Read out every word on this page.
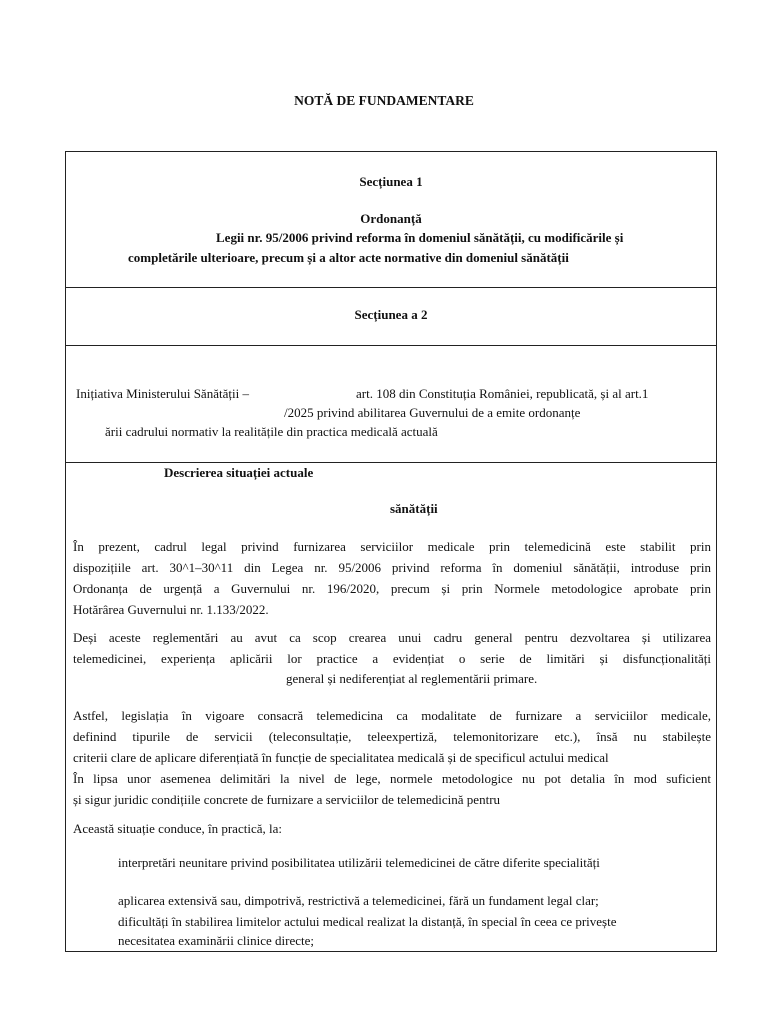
NOTĂ DE FUNDAMENTARE
Secțiunea 1
Ordonanță
Legii nr. 95/2006 privind reforma în domeniul sănătății, cu modificările și
completările ulterioare, precum și a altor acte normative din domeniul sănătății
Secțiunea a 2
Inițiativa Ministerului Sănătății –	art. 108 din Constituția României, republicată, și al art.1
/2025 privind abilitarea Guvernului de a emite ordonanțe
ării cadrului normativ la realitățile din practica medicală actuală
Descrierea situației actuale
sănătății
În prezent, cadrul legal privind furnizarea serviciilor medicale prin telemedicină este stabilit prin
dispozițiile art. 30^1–30^11 din Legea nr. 95/2006 privind reforma în domeniul sănătății, introduse prin
Ordonanța de urgență a Guvernului nr. 196/2020, precum și prin Normele metodologice aprobate prin
Hotărârea Guvernului nr. 1.133/2022.
Deși aceste reglementări au avut ca scop crearea unui cadru general pentru dezvoltarea și utilizarea
telemedicinei, experiența aplicării lor practice a evidențiat o serie de limitări și disfuncționalități
general și nediferențiat al reglementării primare.
Astfel, legislația în vigoare consacră telemedicina ca modalitate de furnizare a serviciilor medicale,
definind tipurile de servicii (teleconsultație, teleexpertiză, telemonitorizare etc.), însă nu stabilește
criterii clare de aplicare diferențiată în funcție de specialitatea medicală și de specificul actului medical
În lipsa unor asemenea delimitări la nivel de lege, normele metodologice nu pot detalia în mod suficient
și sigur juridic condițiile concrete de furnizare a serviciilor de telemedicină pentru
Această situație conduce, în practică, la:
interpretări neunitare privind posibilitatea utilizării telemedicinei de către diferite specialități
aplicarea extensivă sau, dimpotrivă, restrictivă a telemedicinei, fără un fundament legal clar;
dificultăți în stabilirea limitelor actului medical realizat la distanță, în special în ceea ce privește
necesitatea examinării clinice directe;
